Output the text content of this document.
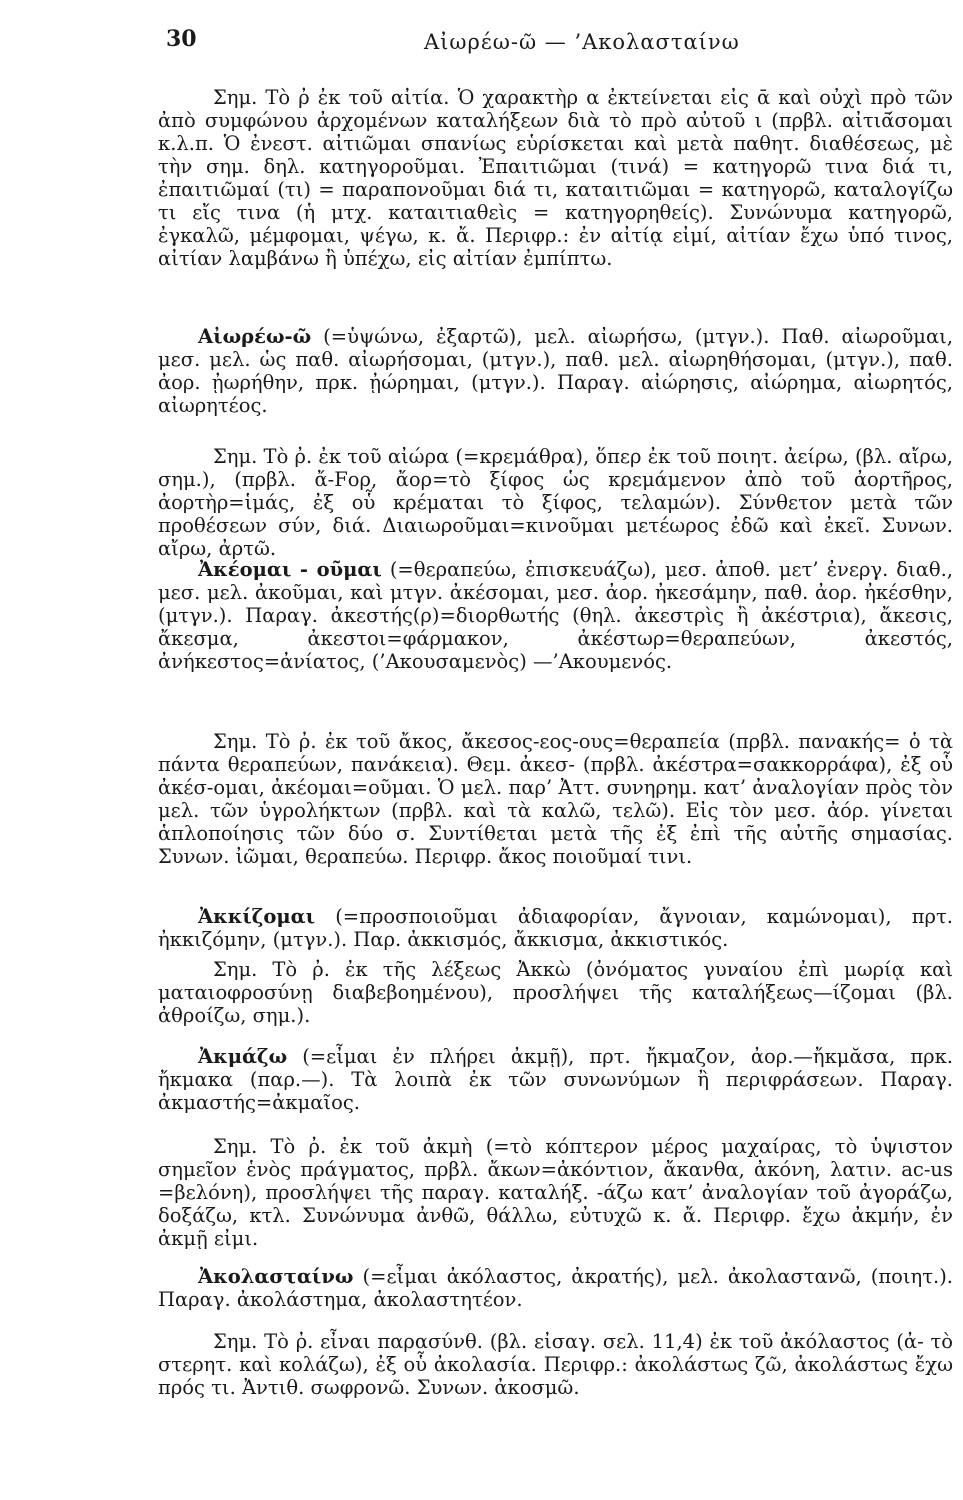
30	Αἰωρέω-ῶ — ’Ακολασταίνω

Σημ. Τὸ ῤ ἐκ τοῦ αἰτία. Ὁ χαρακτὴρ α ἐκτείνεται εἰς ᾱ καὶ οὐχὶ πρὸ τῶν ἀπὸ συμφώνου ἀρχομένων καταλήξεων διὰ τὸ πρὸ αὐτοῦ ι (πρβλ. αἰτιᾱ́σομαι κ.λ.π. Ὁ ἐνεστ. αἰτιῶμαι σπανίως εὑρίσκεται καὶ μετὰ παθητ. διαθέσεως, μὲ τὴν σημ. δηλ. κατηγοροῦμαι. Ἐπαιτιῶμαι (τινά) = κατηγορῶ τινα διά τι, ἐπαιτιῶμαί (τι) = παραπονοῦμαι διά τι, καταιτιῶμαι = κατηγορῶ, καταλογίζω τι εἴς τινα (ἡ μτχ. καταιτιαθεὶς = κατηγορηθείς). Συνώνυμα κατηγορῶ, ἐγκαλῶ, μέμφομαι, ψέγω, κ. ἄ. Περιφρ.: ἐν αἰτίᾳ εἰμί, αἰτίαν ἔχω ὑπό τινος, αἰτίαν λαμβάνω ἢ ὑπέχω, εἰς αἰτίαν ἐμπίπτω.

Αἰωρέω-ῶ (=ὑψώνω, ἐξαρτῶ), μελ. αἰωρήσω, (μτγν.). Παθ. αἰωροῦμαι, μεσ. μελ. ὡς παθ. αἰωρήσομαι, (μτγν.), παθ. μελ. αἰωρηθήσομαι, (μτγν.), παθ. ἀορ. ᾐωρήθην, πρκ. ᾐώρημαι, (μτγν.). Παραγ. αἰώρησις, αἰώρημα, αἰωρητός, αἰωρητέος.

Σημ. Τὸ ῤ. ἐκ τοῦ αἰώρα (=κρεμάθρα), ὅπερ ἐκ τοῦ ποιητ. ἀείρω, (βλ. αἴρω, σημ.), (πρβλ. ἄ-Fορ, ἄορ=τὸ ξίφος ὡς κρεμάμενον ἀπὸ τοῦ ἀορτῆρος, ἀορτὴρ=ἱμάς, ἐξ οὗ κρέμαται τὸ ξίφος, τελαμών). Σύνθετον μετὰ τῶν προθέσεων σύν, διά. Διαιωροῦμαι=κινοῦμαι μετέωρος ἐδῶ καὶ ἐκεῖ. Συνων. αἴρω, ἀρτῶ.

Ἀκέομαι - οῦμαι (=θεραπεύω, ἐπισκευάζω), μεσ. ἀποθ. μετ’ ἐνεργ. διαθ., μεσ. μελ. ἀκοῦμαι, καὶ μτγν. ἀκέσομαι, μεσ. ἀορ. ἠκεσάμην, παθ. ἀορ. ἠκέσθην, (μτγν.). Παραγ. ἀκεστής(ρ)=διορθωτής (θηλ. ἀκεστρὶς ἢ ἀκέστρια), ἄκεσις, ἄκεσμα, ἀκεστοι=φάρμακον, ἀκέστωρ=θεραπεύων, ἀκεστός, ἀνήκεστος=ἀνίατος, (’Ακουσαμενὸς) —’Ακουμενός.

Σημ. Τὸ ῤ. ἐκ τοῦ ἄκος, ἄκεσος-εος-ους=θεραπεία (πρβλ. πανακής= ὁ τὰ πάντα θεραπεύων, πανάκεια). Θεμ. ἀκεσ- (πρβλ. ἀκέστρα=σακκορράφα), ἐξ οὗ ἀκέσ-ομαι, ἀκέομαι=οῦμαι. Ὁ μελ. παρ’ Ἀττ. συνηρημ. κατ’ ἀναλογίαν πρὸς τὸν μελ. τῶν ὑγρολήκτων (πρβλ. καὶ τὰ καλῶ, τελῶ). Εἰς τὸν μεσ. ἀόρ. γίνεται ἁπλοποίησις τῶν δύο σ. Συντίθεται μετὰ τῆς ἐξ ἐπὶ τῆς αὐτῆς σημασίας. Συνων. ἰῶμαι, θεραπεύω. Περιφρ. ἄκος ποιοῦμαί τινι.

Ἀκκίζομαι (=προσποιοῦμαι ἀδιαφορίαν, ἄγνοιαν, καμώνομαι), πρτ. ἠκκιζόμην, (μτγν.). Παρ. ἀκκισμός, ἄκκισμα, ἀκκιστικός.

Σημ. Τὸ ῤ. ἐκ τῆς λέξεως Ἀκκὼ (ὀνόματος γυναίου ἐπὶ μωρίᾳ καὶ ματαιοφροσύνῃ διαβεβοημένου), προσλήψει τῆς καταλήξεως—ίζομαι (βλ. ἀθροίζω, σημ.).

Ἀκμάζω (=εἶμαι ἐν πλήρει ἀκμῇ), πρτ. ἤκμαζον, ἀορ.—ἤκμᾰσα, πρκ. ἤκμακα (παρ.—). Τὰ λοιπὰ ἐκ τῶν συνωνύμων ἢ περιφράσεων. Παραγ. ἀκμαστής=ἀκμαῖος.

Σημ. Τὸ ῤ. ἐκ τοῦ ἀκμὴ (=τὸ κόπτερον μέρος μαχαίρας, τὸ ὑψιστον σημεῖον ἑνὸς πράγματος, πρβλ. ἄκων=ἀκόντιον, ἄκανθα, ἀκόνη, λατιν. ac-us =βελόνη), προσλήψει τῆς παραγ. καταλήξ. -άζω κατ’ ἀναλογίαν τοῦ ἀγοράζω, δοξάζω, κτλ. Συνώνυμα ἀνθῶ, θάλλω, εὐτυχῶ κ. ἄ. Περιφρ. ἔχω ἀκμήν, ἐν ἀκμῇ εἰμι.

Ἀκολασταίνω (=εἶμαι ἀκόλαστος, ἀκρατής), μελ. ἀκολαστανῶ, (ποιητ.). Παραγ. ἀκολάστημα, ἀκολαστητέον.

Σημ. Τὸ ῤ. εἶναι παρασύνθ. (βλ. εἰσαγ. σελ. 11,4) ἐκ τοῦ ἀκόλαστος (ἀ- τὸ στερητ. καὶ κολάζω), ἐξ οὗ ἀκολασία. Περιφρ.: ἀκολάστως ζῶ, ἀκολάστως ἔχω πρός τι. Ἀντιθ. σωφρονῶ. Συνων. ἀκοσμῶ.
